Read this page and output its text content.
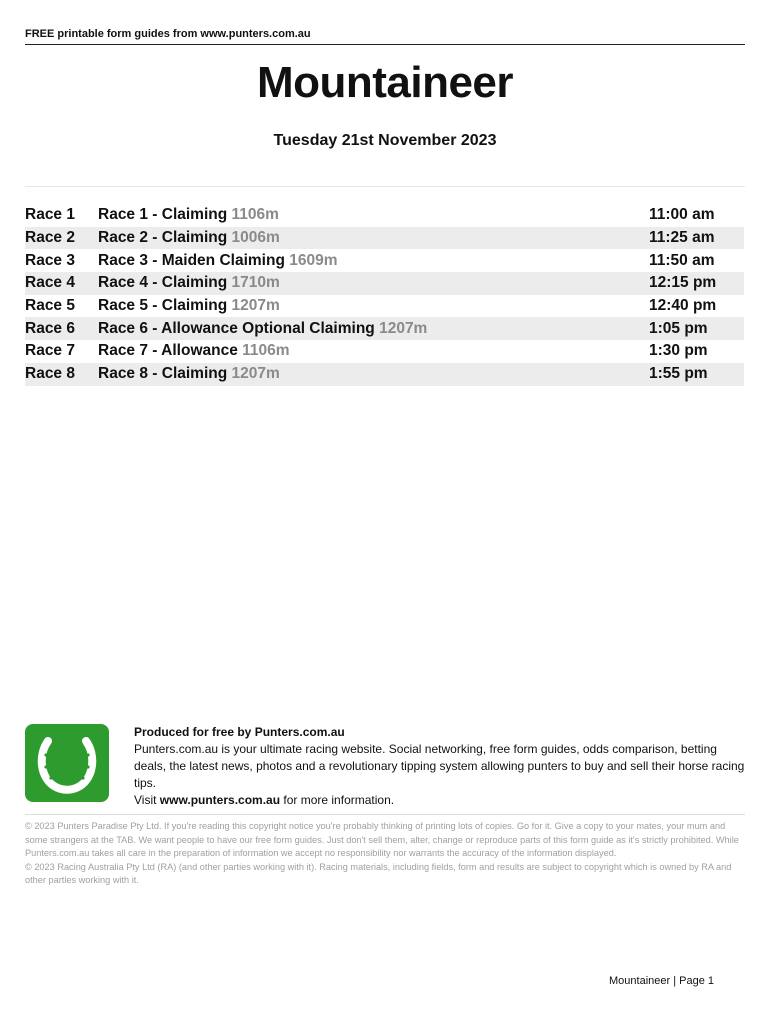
FREE printable form guides from www.punters.com.au
Mountaineer
Tuesday 21st November 2023
Race 1	Race 1 - Claiming 1106m	11:00 am
Race 2	Race 2 - Claiming 1006m	11:25 am
Race 3	Race 3 - Maiden Claiming 1609m	11:50 am
Race 4	Race 4 - Claiming 1710m	12:15 pm
Race 5	Race 5 - Claiming 1207m	12:40 pm
Race 6	Race 6 - Allowance Optional Claiming 1207m	1:05 pm
Race 7	Race 7 - Allowance 1106m	1:30 pm
Race 8	Race 8 - Claiming 1207m	1:55 pm
Produced for free by Punters.com.au
Punters.com.au is your ultimate racing website. Social networking, free form guides, odds comparison, betting deals, the latest news, photos and a revolutionary tipping system allowing punters to buy and sell their horse racing tips.
Visit www.punters.com.au for more information.
© 2023 Punters Paradise Pty Ltd. If you're reading this copyright notice you're probably thinking of printing lots of copies. Go for it. Give a copy to your mates, your mum and some strangers at the TAB. We want people to have our free form guides. Just don't sell them, alter, change or reproduce parts of this form guide as it's strictly prohibited. While Punters.com.au takes all care in the preparation of information we accept no responsibility nor warrants the accuracy of the information displayed.
© 2023 Racing Australia Pty Ltd (RA) (and other parties working with it). Racing materials, including fields, form and results are subject to copyright which is owned by RA and other parties working with it.
Mountaineer | Page 1
